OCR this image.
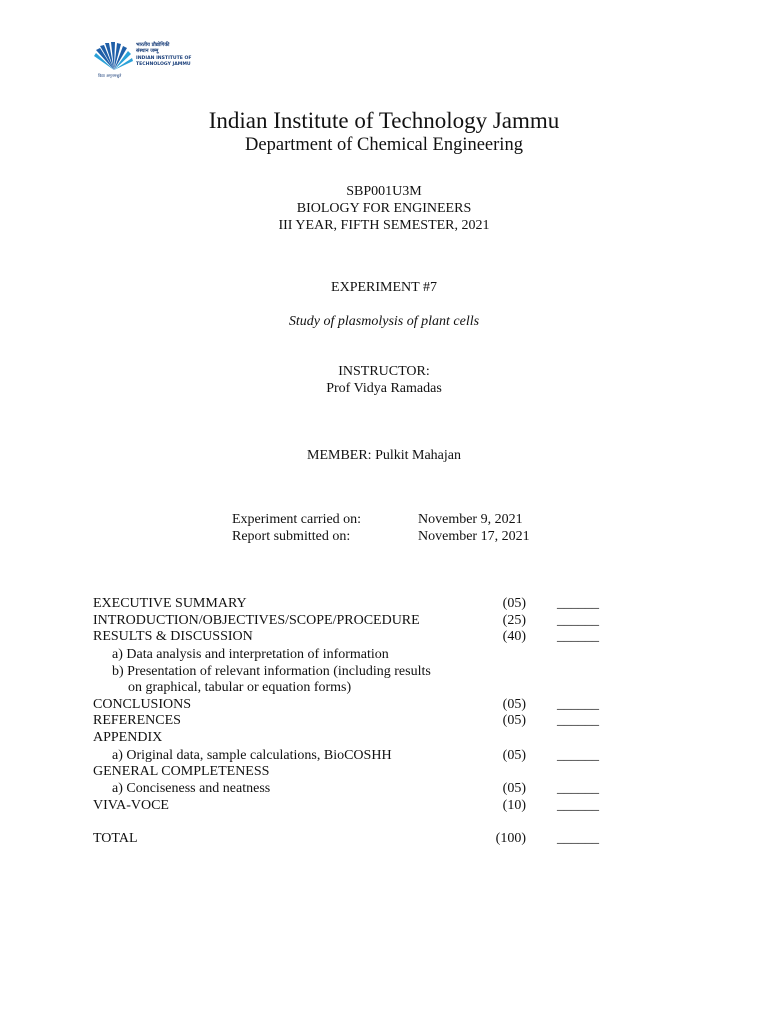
भारतीय प्रौद्योगिकी
संस्थान जम्मू
INDIAN INSTITUTE OF
TECHNOLOGY JAMMU
विद्या अमृतमश्नुते
Indian Institute of Technology Jammu
Department of Chemical Engineering
SBP001U3M
BIOLOGY FOR ENGINEERS
III YEAR, FIFTH SEMESTER, 2021
EXPERIMENT #7
Study of plasmolysis of plant cells
INSTRUCTOR:
Prof Vidya Ramadas
MEMBER: Pulkit Mahajan
Experiment carried on:	November 9, 2021
Report submitted on:	November 17, 2021
EXECUTIVE SUMMARY	(05) ______
INTRODUCTION/OBJECTIVES/SCOPE/PROCEDURE	(25) ______
RESULTS & DISCUSSION	(40) ______
a) Data analysis and interpretation of information
b) Presentation of relevant information (including results
on graphical, tabular or equation forms)
CONCLUSIONS	(05) ______
REFERENCES	(05) ______
APPENDIX
a) Original data, sample calculations, BioCOSHH	(05) ______
GENERAL COMPLETENESS
a) Conciseness and neatness	(05) ______
VIVA-VOCE	(10) ______
TOTAL	(100) ______
